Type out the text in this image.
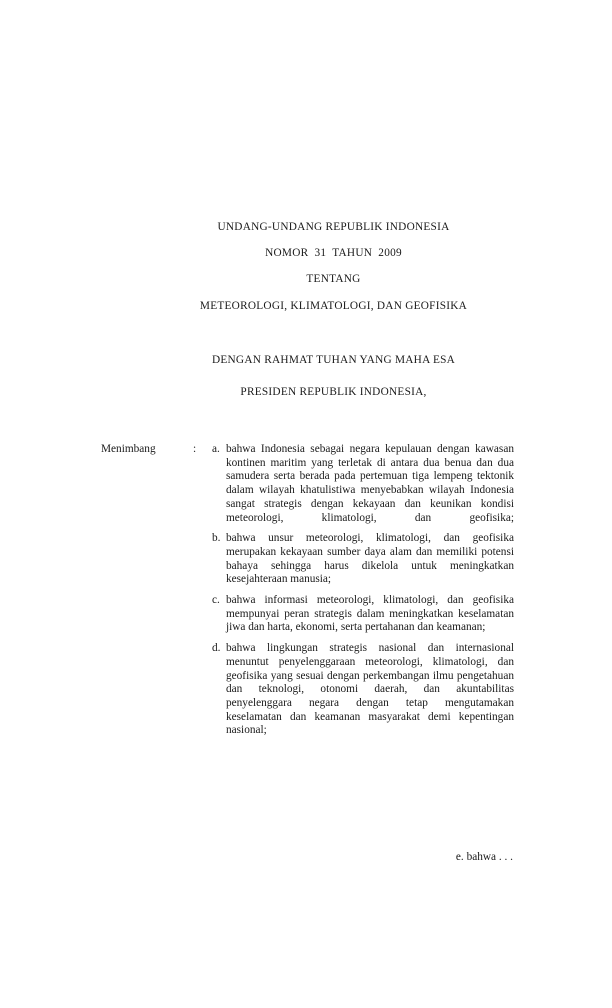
UNDANG-UNDANG REPUBLIK INDONESIA
NOMOR  31  TAHUN  2009
TENTANG
METEOROLOGI, KLIMATOLOGI, DAN GEOFISIKA
DENGAN RAHMAT TUHAN YANG MAHA ESA
PRESIDEN REPUBLIK INDONESIA,
Menimbang	: a. bahwa Indonesia sebagai negara kepulauan dengan kawasan kontinen maritim yang terletak di antara dua benua dan dua samudera serta berada pada pertemuan tiga lempeng tektonik dalam wilayah khatulistiwa menyebabkan wilayah Indonesia sangat strategis dengan kekayaan dan keunikan kondisi meteorologi, klimatologi, dan geofisika;
b. bahwa unsur meteorologi, klimatologi, dan geofisika merupakan kekayaan sumber daya alam dan memiliki potensi bahaya sehingga harus dikelola untuk meningkatkan kesejahteraan manusia;
c. bahwa informasi meteorologi, klimatologi, dan geofisika mempunyai peran strategis dalam meningkatkan keselamatan jiwa dan harta, ekonomi, serta pertahanan dan keamanan;
d. bahwa lingkungan strategis nasional dan internasional menuntut penyelenggaraan meteorologi, klimatologi, dan geofisika yang sesuai dengan perkembangan ilmu pengetahuan dan teknologi, otonomi daerah, dan akuntabilitas penyelenggara negara dengan tetap mengutamakan keselamatan dan keamanan masyarakat demi kepentingan nasional;
e. bahwa . . .
